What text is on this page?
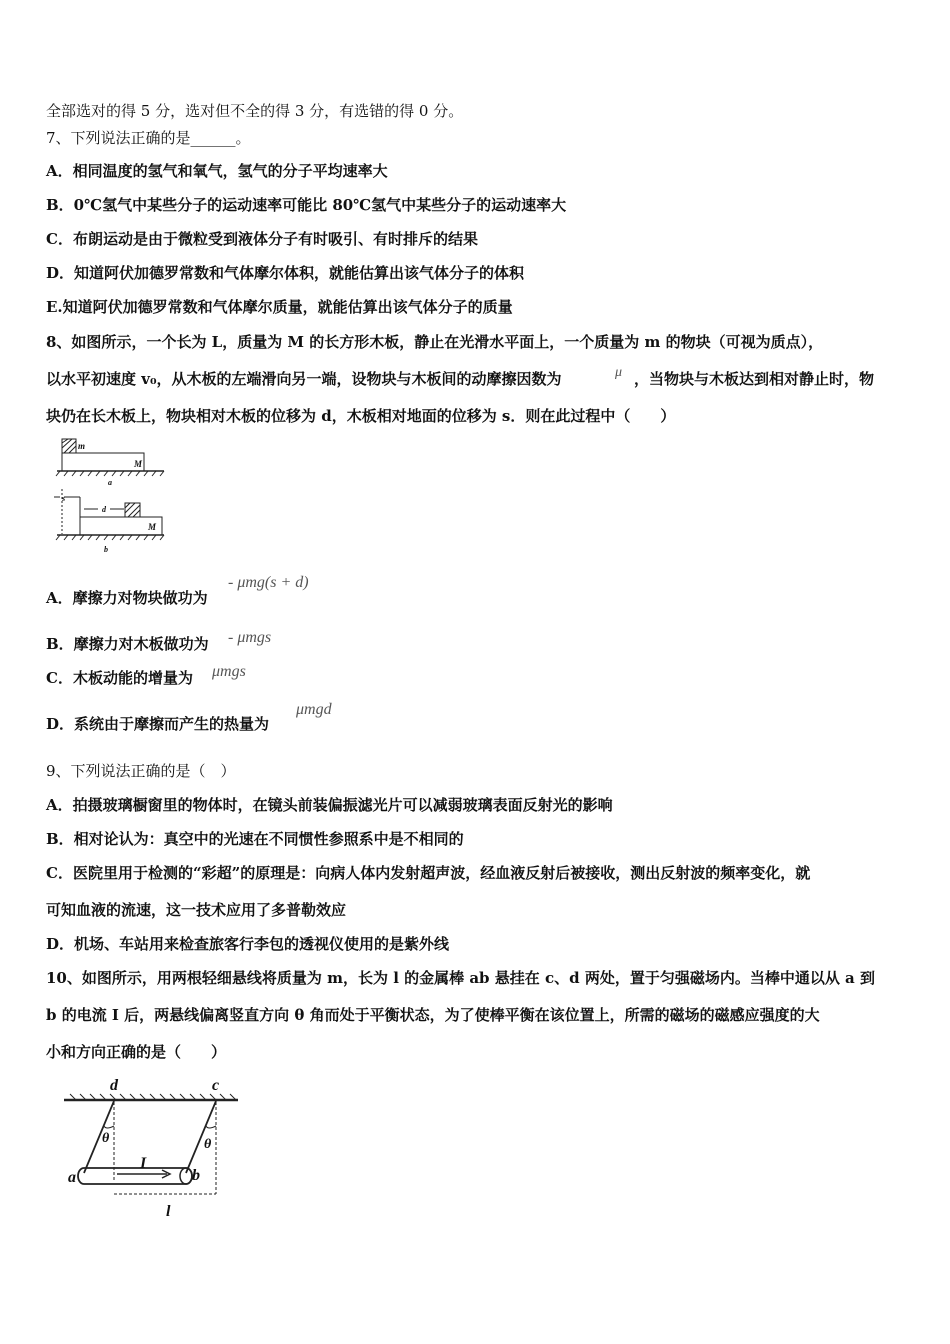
全部选对的得 5 分，选对但不全的得 3 分，有选错的得 0 分。
7、下列说法正确的是______。
A．相同温度的氢气和氧气，氢气的分子平均速率大
B．0℃氢气中某些分子的运动速率可能比 80℃氢气中某些分子的运动速率大
C．布朗运动是由于微粒受到液体分子有时吸引、有时排斥的结果
D．知道阿伏加德罗常数和气体摩尔体积，就能估算出该气体分子的体积
E.知道阿伏加德罗常数和气体摩尔质量，就能估算出该气体分子的质量
8、如图所示，一个长为 L，质量为 M 的长方形木板，静止在光滑水平面上，一个质量为 m 的物块（可视为质点），
以水平初速度 v₀，从木板的左端滑向另一端，设物块与木板间的动摩擦因数为	μ ，当物块与木板达到相对静止时，物
块仍在长木板上，物块相对木板的位移为 d，木板相对地面的位移为 s．则在此过程中（　　）
m
M
a
s
d
M
b
A．摩擦力对物块做功为
- μmg(s + d)
B．摩擦力对木板做功为 - μmgs
C．木板动能的增量为 μmgs
D．系统由于摩擦而产生的热量为
μmgd
9、下列说法正确的是（　）
A．拍摄玻璃橱窗里的物体时，在镜头前装偏振滤光片可以减弱玻璃表面反射光的影响
B．相对论认为：真空中的光速在不同惯性参照系中是不相同的
C．医院里用于检测的“彩超”的原理是：向病人体内发射超声波，经血液反射后被接收，测出反射波的频率变化，就
可知血液的流速，这一技术应用了多普勒效应
D．机场、车站用来检查旅客行李包的透视仪使用的是紫外线
10、如图所示，用两根轻细悬线将质量为 m，长为 l 的金属棒 ab 悬挂在 c、d 两处，置于匀强磁场内。当棒中通以从 a 到
b 的电流 I 后，两悬线偏离竖直方向 θ 角而处于平衡状态，为了使棒平衡在该位置上，所需的磁场的磁感应强度的大
小和方向正确的是（　　）
d	c
θ	θ
a
I
b
l
